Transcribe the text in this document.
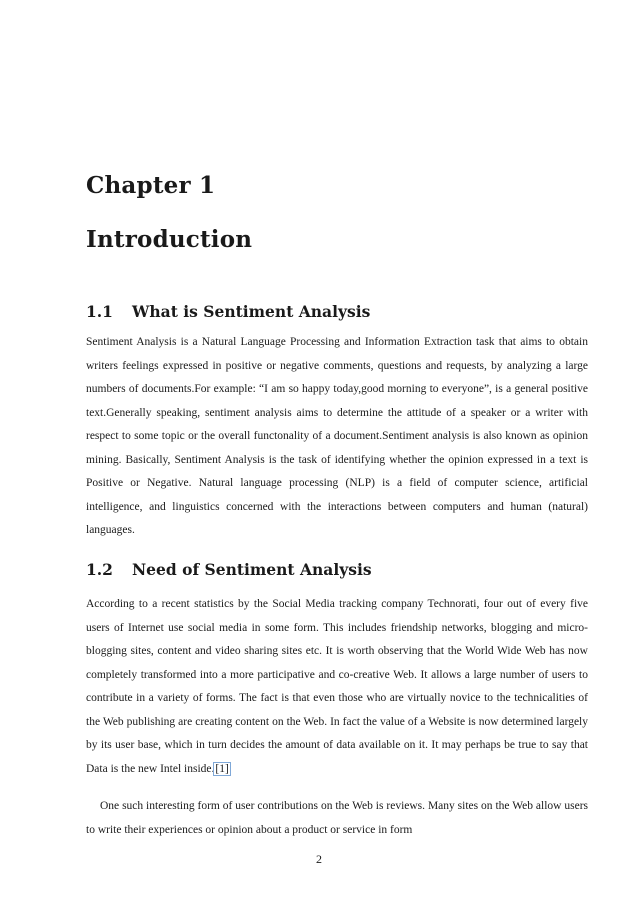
Chapter 1
Introduction
1.1 What is Sentiment Analysis

Sentiment Analysis is a Natural Language Processing and Information Extraction task that aims to obtain writers feelings expressed in positive or negative comments, questions and requests, by analyzing a large numbers of documents.For example: “I am so happy today,good morning to everyone”, is a general positive text.Generally speaking, sentiment analysis aims to determine the attitude of a speaker or a writer with respect to some topic or the overall functonality of a document.Sentiment analysis is also known as opinion mining. Basically, Sentiment Analysis is the task of identifying whether the opinion expressed in a text is Positive or Negative. Natural language processing (NLP) is a field of computer science, artificial intelligence, and linguistics concerned with the interactions between computers and human (natural) languages.

1.2 Need of Sentiment Analysis

According to a recent statistics by the Social Media tracking company Technorati, four out of every five users of Internet use social media in some form. This includes friendship networks, blogging and micro-blogging sites, content and video sharing sites etc. It is worth observing that the World Wide Web has now completely transformed into a more participative and co-creative Web. It allows a large number of users to contribute in a variety of forms. The fact is that even those who are virtually novice to the technicalities of the Web publishing are creating content on the Web. In fact the value of a Website is now determined largely by its user base, which in turn decides the amount of data available on it. It may perhaps be true to say that Data is the new Intel inside.[1]

One such interesting form of user contributions on the Web is reviews. Many sites on the Web allow users to write their experiences or opinion about a product or service in form

2
